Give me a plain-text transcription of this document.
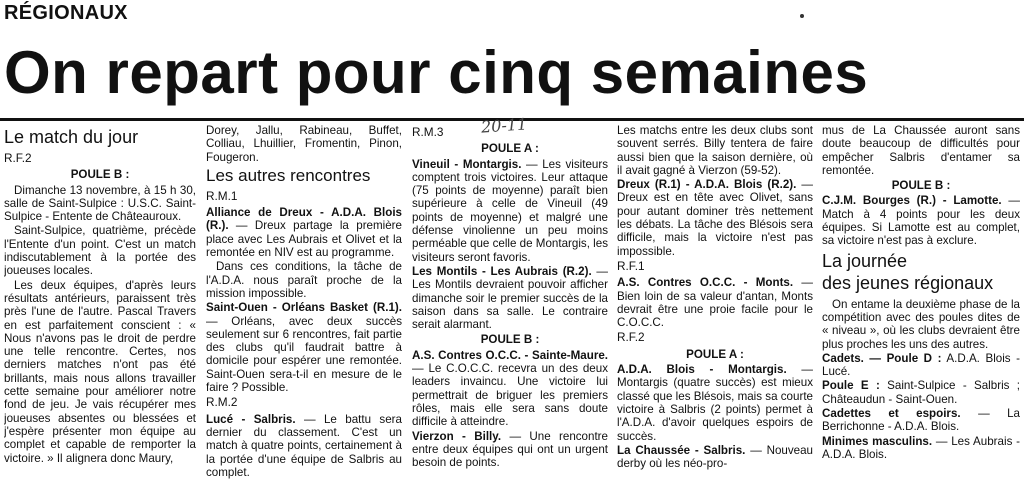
RÉGIONAUX
On repart pour cinq semaines
20-11
Le match du jour
R.F.2
POULE B :

Dimanche 13 novembre, à 15 h 30, salle de Saint-Sulpice : U.S.C. Saint-Sulpice - Entente de Châteauroux.

Saint-Sulpice, quatrième, précède l'Entente d'un point. C'est un match indiscutablement à la portée des joueuses locales.

Les deux équipes, d'après leurs résultats antérieurs, paraissent très près l'une de l'autre. Pascal Travers en est parfaitement conscient : « Nous n'avons pas le droit de perdre une telle rencontre. Certes, nos derniers matches n'ont pas été brillants, mais nous allons travailler cette semaine pour améliorer notre fond de jeu. Je vais récupérer mes joueuses absentes ou blessées et j'espère présenter mon équipe au complet et capable de remporter la victoire. » Il alignera donc Maury,

Dorey, Jallu, Rabineau, Buffet, Colliau, Lhuillier, Fromentin, Pinon, Fougeron.

Les autres rencontres
R.M.1

Alliance de Dreux - A.D.A. Blois (R.). — Dreux partage la première place avec Les Aubrais et Olivet et la remontée en NIV est au programme.

Dans ces conditions, la tâche de l'A.D.A. nous paraît proche de la mission impossible.

Saint-Ouen - Orléans Basket (R.1). — Orléans, avec deux succès seulement sur 6 rencontres, fait partie des clubs qu'il faudrait battre à domicile pour espérer une remontée. Saint-Ouen sera-t-il en mesure de le faire ? Possible.

R.M.2

Lucé - Salbris. — Le battu sera dernier du classement. C'est un match à quatre points, certainement à la portée d'une équipe de Salbris au complet.

R.M.3
POULE A :

Vineuil - Montargis. — Les visiteurs comptent trois victoires. Leur attaque (75 points de moyenne) paraît bien supérieure à celle de Vineuil (49 points de moyenne) et malgré une défense vinolienne un peu moins perméable que celle de Montargis, les visiteurs seront favoris.

Les Montils - Les Aubrais (R.2). — Les Montils devraient pouvoir afficher dimanche soir le premier succès de la saison dans sa salle. Le contraire serait alarmant.

POULE B :

A.S. Contres O.C.C. - Sainte-Maure. — Le C.O.C.C. recevra un des deux leaders invaincu. Une victoire lui permettrait de briguer les premiers rôles, mais elle sera sans doute difficile à atteindre.

Vierzon - Billy. — Une rencontre entre deux équipes qui ont un urgent besoin de points.

Les matchs entre les deux clubs sont souvent serrés. Billy tentera de faire aussi bien que la saison dernière, où il avait gagné à Vierzon (59-52).

Dreux (R.1) - A.D.A. Blois (R.2). — Dreux est en tête avec Olivet, sans pour autant dominer très nettement les débats. La tâche des Blésois sera difficile, mais la victoire n'est pas impossible.

R.F.1

A.S. Contres O.C.C. - Monts. — Bien loin de sa valeur d'antan, Monts devrait être une proie facile pour le C.O.C.C.

R.F.2
POULE A :

A.D.A. Blois - Montargis. — Montargis (quatre succès) est mieux classé que les Blésois, mais sa courte victoire à Salbris (2 points) permet à l'A.D.A. d'avoir quelques espoirs de succès.

La Chaussée - Salbris. — Nouveau derby où les néo-pro-

mus de La Chaussée auront sans doute beaucoup de difficultés pour empêcher Salbris d'entamer sa remontée.

POULE B :

C.J.M. Bourges (R.) - Lamotte. — Match à 4 points pour les deux équipes. Si Lamotte est au complet, sa victoire n'est pas à exclure.

La journée
des jeunes régionaux

On entame la deuxième phase de la compétition avec des poules dites de « niveau », où les clubs devraient être plus proches les uns des autres.

Cadets. — Poule D : A.D.A. Blois - Lucé.

Poule E : Saint-Sulpice - Salbris ; Châteaudun - Saint-Ouen.

Cadettes et espoirs. — La Berrichonne - A.D.A. Blois.

Minimes masculins. — Les Aubrais - A.D.A. Blois.
